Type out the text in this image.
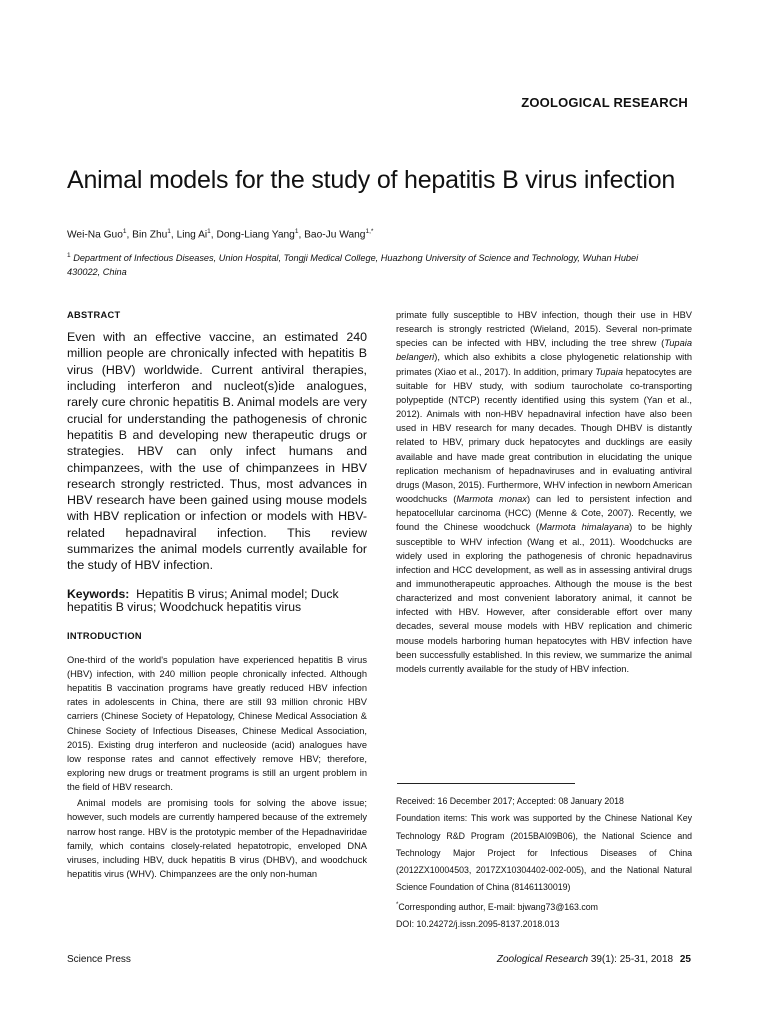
ZOOLOGICAL RESEARCH
Animal models for the study of hepatitis B virus infection
Wei-Na Guo$^1$, Bin Zhu$^1$, Ling Ai$^1$, Dong-Liang Yang$^1$, Bao-Ju Wang$^{1,*}$
$^1$ Department of Infectious Diseases, Union Hospital, Tongji Medical College, Huazhong University of Science and Technology, Wuhan Hubei
430022, China

ABSTRACT

Even with an effective vaccine, an estimated 240 million people are chronically infected with hepatitis B virus (HBV) worldwide. Current antiviral therapies, including interferon and nucleot(s)ide analogues, rarely cure chronic hepatitis B. Animal models are very crucial for understanding the pathogenesis of chronic hepatitis B and developing new therapeutic drugs or strategies. HBV can only infect humans and chimpanzees, with the use of chimpanzees in HBV research strongly restricted. Thus, most advances in HBV research have been gained using mouse models with HBV replication or infection or models with HBV-related hepadnaviral infection. This review summarizes the animal models currently available for the study of HBV infection.

Keywords: Hepatitis B virus; Animal model; Duck hepatitis B virus; Woodchuck hepatitis virus

INTRODUCTION

One-third of the world's population have experienced hepatitis B virus (HBV) infection, with 240 million people chronically infected. Although hepatitis B vaccination programs have greatly reduced HBV infection rates in adolescents in China, there are still 93 million chronic HBV carriers (Chinese Society of Hepatology, Chinese Medical Association & Chinese Society of Infectious Diseases, Chinese Medical Association, 2015). Existing drug interferon and nucleoside (acid) analogues have low response rates and cannot effectively remove HBV; therefore, exploring new drugs or treatment programs is still an urgent problem in the field of HBV research.

Animal models are promising tools for solving the above issue; however, such models are currently hampered because of the extremely narrow host range. HBV is the prototypic member of the Hepadnaviridae family, which contains closely-related hepatotropic, enveloped DNA viruses, including HBV, duck hepatitis B virus (DHBV), and woodchuck hepatitis virus (WHV). Chimpanzees are the only non-human

primate fully susceptible to HBV infection, though their use in HBV research is strongly restricted (Wieland, 2015). Several non-primate species can be infected with HBV, including the tree shrew (Tupaia belangeri), which also exhibits a close phylogenetic relationship with primates (Xiao et al., 2017). In addition, primary Tupaia hepatocytes are suitable for HBV study, with sodium taurocholate co-transporting polypeptide (NTCP) recently identified using this system (Yan et al., 2012). Animals with non-HBV hepadnaviral infection have also been used in HBV research for many decades. Though DHBV is distantly related to HBV, primary duck hepatocytes and ducklings are easily available and have made great contribution in elucidating the unique replication mechanism of hepadnaviruses and in evaluating antiviral drugs (Mason, 2015). Furthermore, WHV infection in newborn American woodchucks (Marmota monax) can led to persistent infection and hepatocellular carcinoma (HCC) (Menne & Cote, 2007). Recently, we found the Chinese woodchuck (Marmota himalayana) to be highly susceptible to WHV infection (Wang et al., 2011). Woodchucks are widely used in exploring the pathogenesis of chronic hepadnavirus infection and HCC development, as well as in assessing antiviral drugs and immunotherapeutic approaches. Although the mouse is the best characterized and most convenient laboratory animal, it cannot be infected with HBV. However, after considerable effort over many decades, several mouse models with HBV replication and chimeric mouse models harboring human hepatocytes with HBV infection have been successfully established. In this review, we summarize the animal models currently available for the study of HBV infection.

Received: 16 December 2017; Accepted: 08 January 2018

Foundation items: This work was supported by the Chinese National Key Technology R&D Program (2015BAI09B06), the National Science and Technology Major Project for Infectious Diseases of China (2012ZX10004503, 2017ZX10304402-002-005), and the National Natural Science Foundation of China (81461130019)

*Corresponding author, E-mail: bjwang73@163.com

DOI: 10.24272/j.issn.2095-8137.2018.013

Science Press	Zoological Research 39(1): 25-31, 2018 25
